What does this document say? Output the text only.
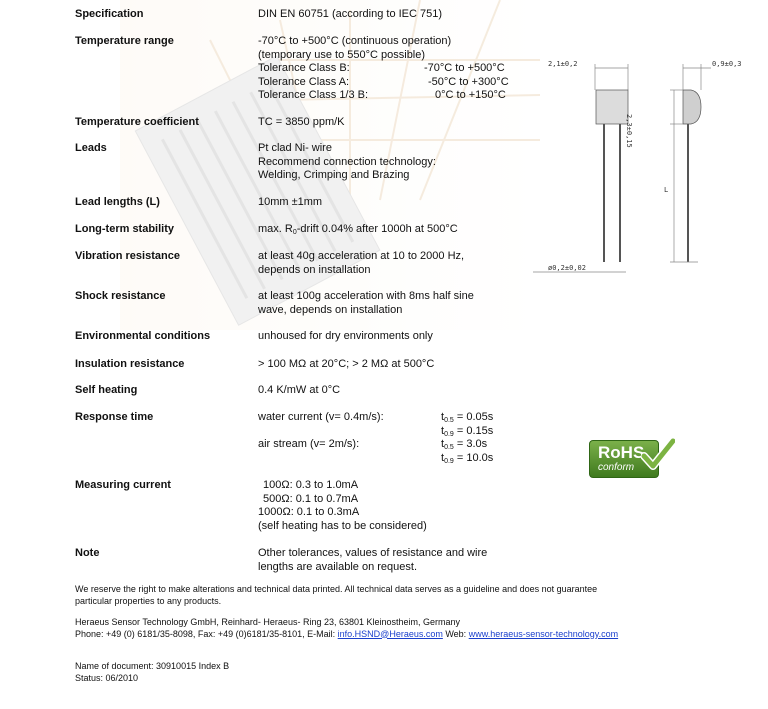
Specification	DIN EN 60751 (according to IEC 751)
Temperature range	-70°C to +500°C (continuous operation)
(temporary use to 550°C possible)
Tolerance Class B:	-70°C to +500°C
Tolerance Class A:	-50°C to +300°C
Tolerance Class 1/3 B:	0°C to +150°C
Temperature coefficient	TC = 3850 ppm/K
Leads	Pt clad Ni- wire
Recommend connection technology:
Welding, Crimping and Brazing
Lead lengths (L)	10mm ±1mm
Long-term stability	max. $R_0$-drift 0.04% after 1000h at 500°C
Vibration resistance	at least 40g acceleration at 10 to 2000 Hz,
depends on installation
Shock resistance	at least 100g acceleration with 8ms half sine
wave, depends on installation
Environmental conditions	unhoused for dry environments only
Insulation resistance	> 100 MΩ at 20°C; > 2 MΩ at 500°C
Self heating	0.4 K/mW at 0°C
Response time	water current (v= 0.4m/s):	$t_{0.5} = 0.05s$
$t_{0.9} = 0.15s$
air stream (v= 2m/s):	$t_{0.5} = 3.0s$
$t_{0.9} = 10.0s$
Measuring current	100Ω: 0.3 to 1.0mA
500Ω: 0.1 to 0.7mA
1000Ω: 0.1 to 0.3mA
(self heating has to be considered)
Note	Other tolerances, values of resistance and wire
lengths are available on request.
We reserve the right to make alterations and technical data printed. All technical data serves as a guideline and does not guarantee
particular properties to any products.
Heraeus Sensor Technology GmbH, Reinhard- Heraeus- Ring 23, 63801 Kleinostheim, Germany
Phone: +49 (0) 6181/35-8098, Fax: +49 (0)6181/35-8101, E-Mail: info.HSND@Heraeus.com Web: www.heraeus-sensor-technology.com
Name of document: 30910015 Index B
Status: 06/2010
2,1±0,2	0,9±0,3
2,3±0,15
L
ø0,2±0,02
RoHS
conform
